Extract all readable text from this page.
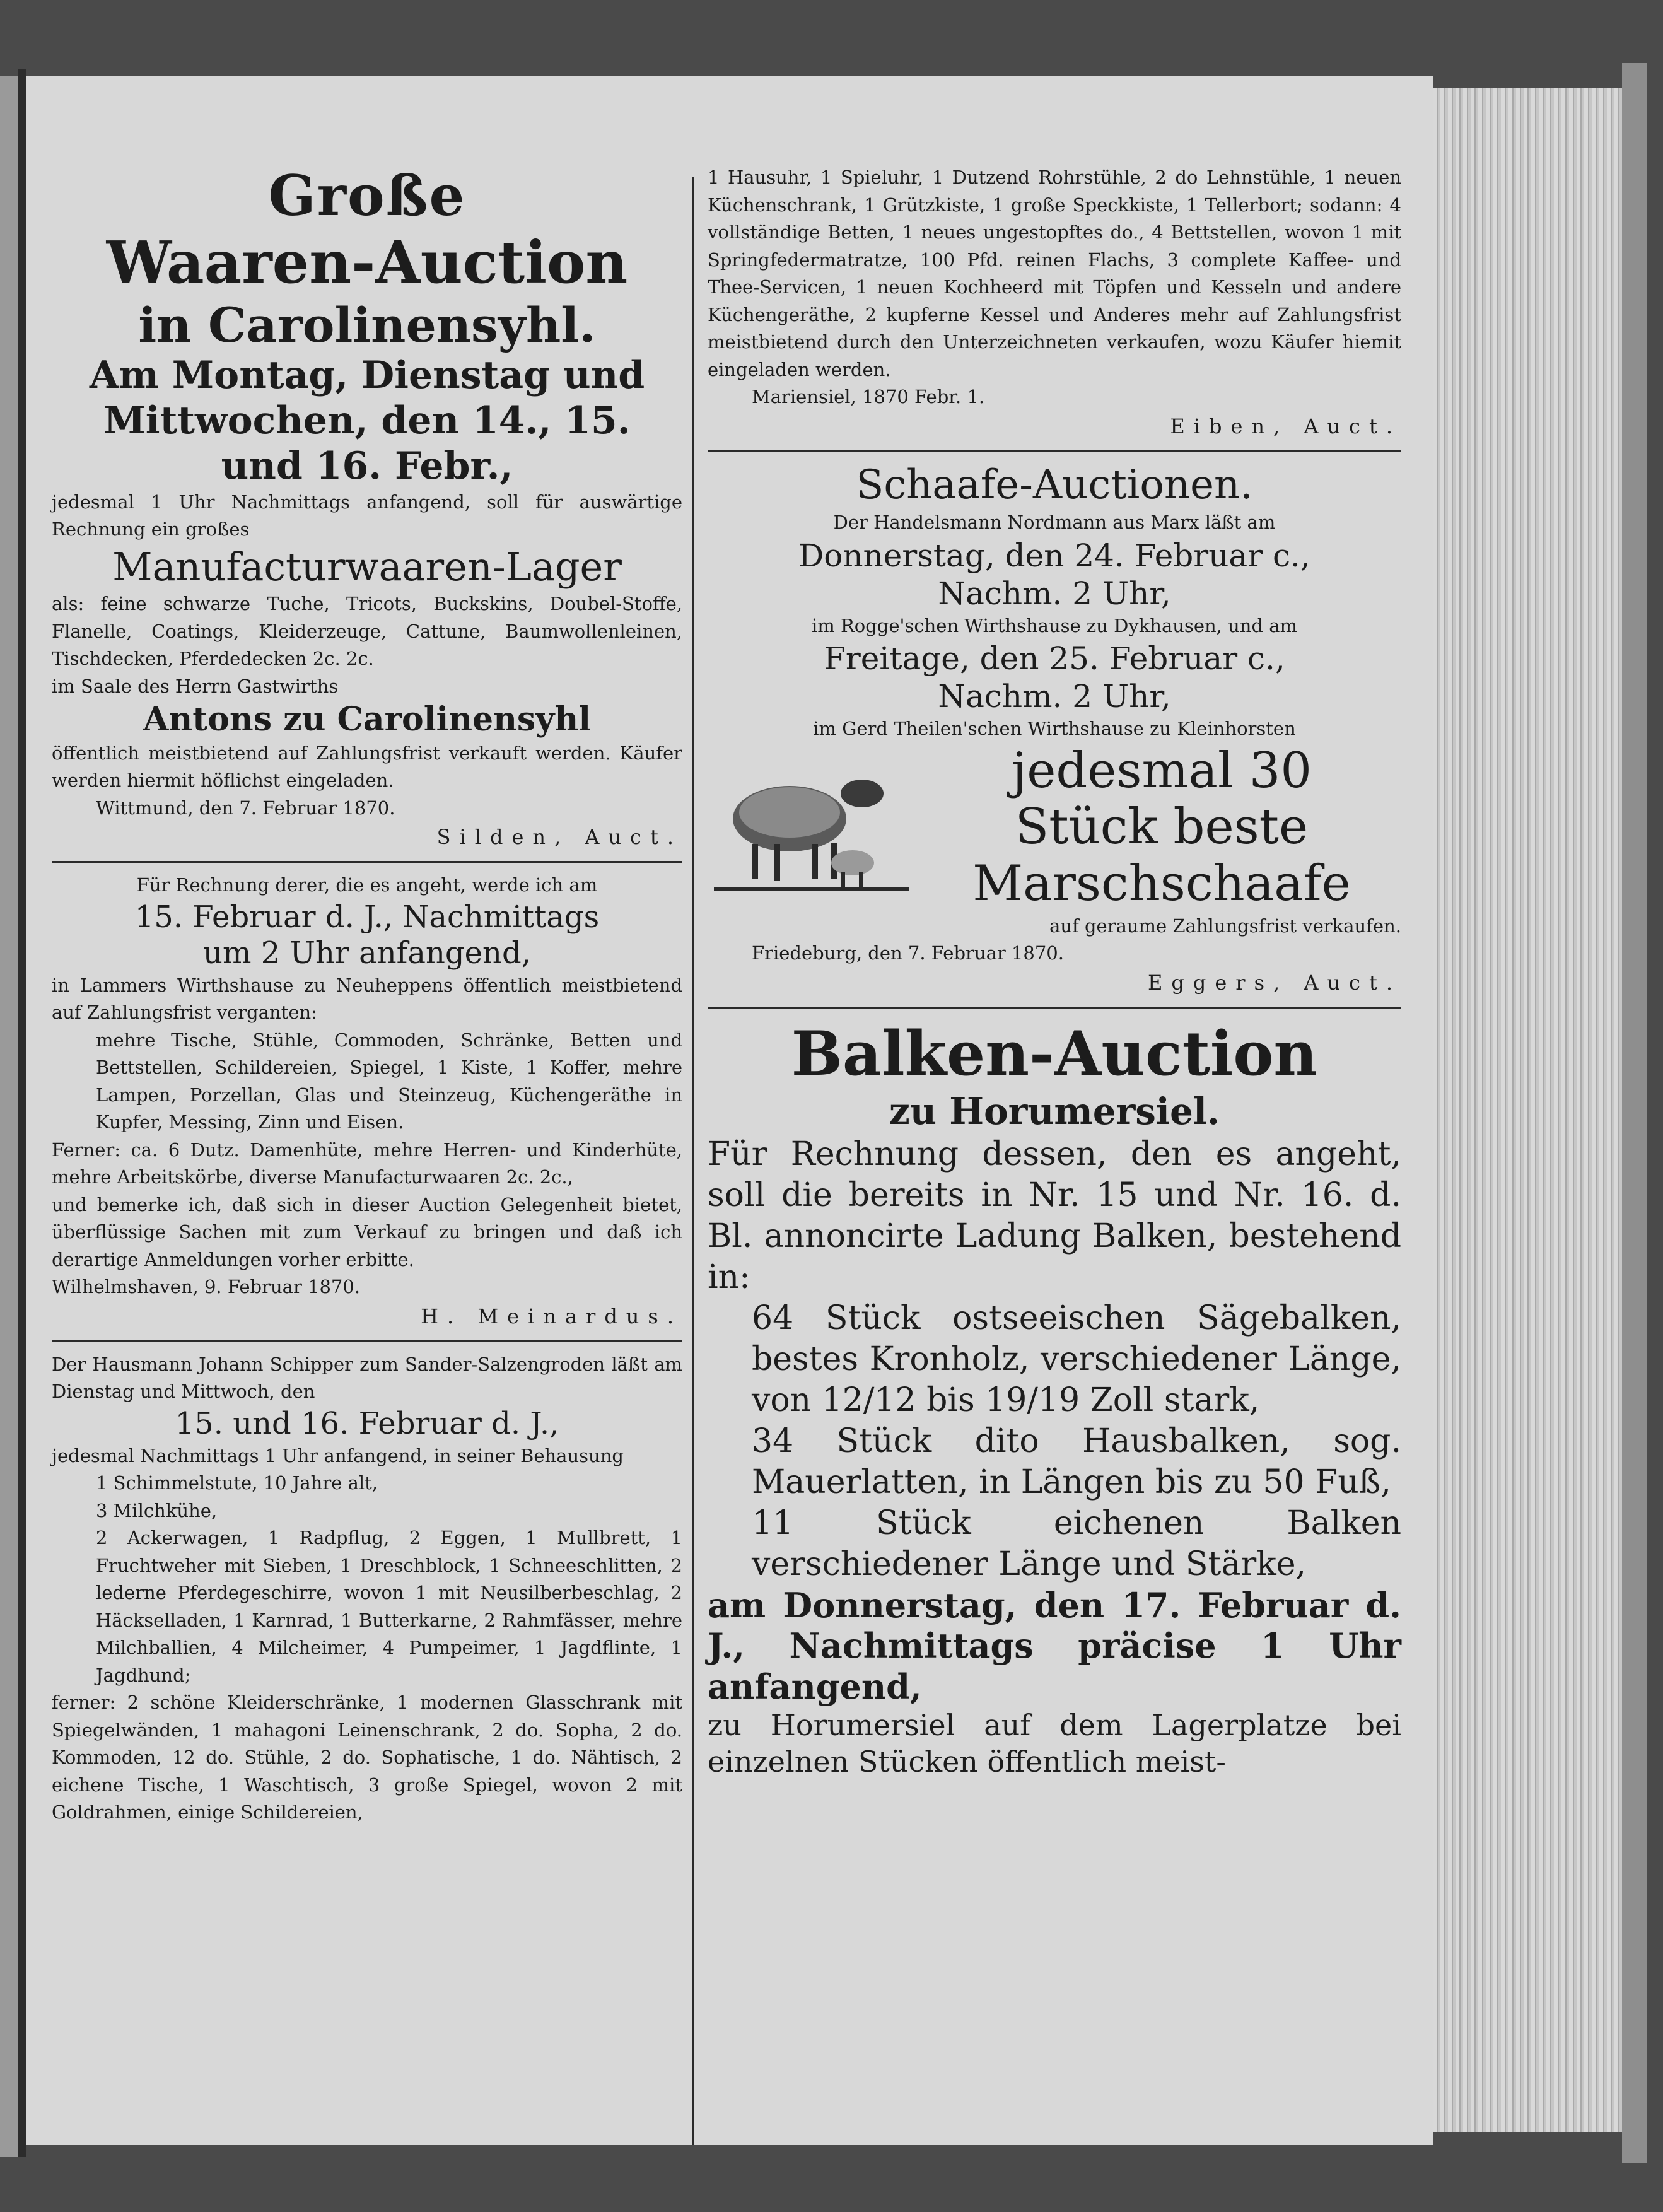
Große

Waaren-Auction

in Carolinensyhl.

Am Montag, Dienstag und

Mittwochen, den 14., 15.

und 16. Febr.,

jedesmal 1 Uhr Nachmittags anfangend, soll für auswärtige Rechnung ein großes

Manufacturwaaren-Lager

als: feine schwarze Tuche, Tricots, Buckskins, Doubel-Stoffe, Flanelle, Coatings, Kleiderzeuge, Cattune, Baumwollenleinen, Tischdecken, Pferdedecken 2c. 2c.

im Saale des Herrn Gastwirths

Antons zu Carolinensyhl

öffentlich meistbietend auf Zahlungsfrist verkauft werden. Käufer werden hiermit höflichst eingeladen.

Wittmund, den 7. Februar 1870.

Silden, Auct.

Für Rechnung derer, die es angeht, werde ich am

15. Februar d. J., Nachmittags

um 2 Uhr anfangend,

in Lammers Wirthshause zu Neuheppens öffentlich meistbietend auf Zahlungsfrist verganten:

mehre Tische, Stühle, Commoden, Schränke, Betten und Bettstellen, Schildereien, Spiegel, 1 Kiste, 1 Koffer, mehre Lampen, Porzellan, Glas und Steinzeug, Küchengeräthe in Kupfer, Messing, Zinn und Eisen.

Ferner: ca. 6 Dutz. Damenhüte, mehre Herren- und Kinderhüte, mehre Arbeitskörbe, diverse Manufacturwaaren 2c. 2c.,

und bemerke ich, daß sich in dieser Auction Gelegenheit bietet, überflüssige Sachen mit zum Verkauf zu bringen und daß ich derartige Anmeldungen vorher erbitte.

Wilhelmshaven, 9. Februar 1870.

H. Meinardus.

Der Hausmann Johann Schipper zum Sander-Salzengroden läßt am Dienstag und Mittwoch, den

15. und 16. Februar d. J.,

jedesmal Nachmittags 1 Uhr anfangend, in seiner Behausung

1 Schimmelstute, 10 Jahre alt,

3 Milchkühe,

2 Ackerwagen, 1 Radpflug, 2 Eggen, 1 Mullbrett, 1 Fruchtweher mit Sieben, 1 Dreschblock, 1 Schneeschlitten, 2 lederne Pferdegeschirre, wovon 1 mit Neusilberbeschlag, 2 Häckselladen, 1 Karnrad, 1 Butterkarne, 2 Rahmfässer, mehre Milchballien, 4 Milcheimer, 4 Pumpeimer, 1 Jagdflinte, 1 Jagdhund;

ferner: 2 schöne Kleiderschränke, 1 modernen Glasschrank mit Spiegelwänden, 1 mahagoni Leinenschrank, 2 do. Sopha, 2 do. Kommoden, 12 do. Stühle, 2 do. Sophatische, 1 do. Nähtisch, 2 eichene Tische, 1 Waschtisch, 3 große Spiegel, wovon 2 mit Goldrahmen, einige Schildereien,

1 Hausuhr, 1 Spieluhr, 1 Dutzend Rohrstühle, 2 do Lehnstühle, 1 neuen Küchenschrank, 1 Grützkiste, 1 große Speckkiste, 1 Tellerbort; sodann: 4 vollständige Betten, 1 neues ungestopftes do., 4 Bettstellen, wovon 1 mit Springfedermatratze, 100 Pfd. reinen Flachs, 3 complete Kaffee- und Thee-Servicen, 1 neuen Kochheerd mit Töpfen und Kesseln und andere Küchengeräthe, 2 kupferne Kessel und Anderes mehr auf Zahlungsfrist meistbietend durch den Unterzeichneten verkaufen, wozu Käufer hiemit eingeladen werden.

Mariensiel, 1870 Febr. 1.

Eiben, Auct.

Schaafe-Auctionen.

Der Handelsmann Nordmann aus Marx läßt am

Donnerstag, den 24. Februar c.,

Nachm. 2 Uhr,

im Rogge'schen Wirthshause zu Dykhausen, und am

Freitage, den 25. Februar c.,

Nachm. 2 Uhr,

im Gerd Theilen'schen Wirthshause zu Kleinhorsten

jedesmal 30

Stück beste

Marschschaafe

auf geraume Zahlungsfrist verkaufen.

Friedeburg, den 7. Februar 1870.

Eggers, Auct.

Balken-Auction

zu Horumersiel.

Für Rechnung dessen, den es angeht, soll die bereits in Nr. 15 und Nr. 16. d. Bl. annoncirte Ladung Balken, bestehend in:

64 Stück ostseeischen Sägebalken, bestes Kronholz, verschiedener Länge, von 12/12 bis 19/19 Zoll stark,

34 Stück dito Hausbalken, sog. Mauerlatten, in Längen bis zu 50 Fuß,

11 Stück eichenen Balken verschiedener Länge und Stärke,

am Donnerstag, den 17. Februar d. J., Nachmittags präcise 1 Uhr anfangend,

zu Horumersiel auf dem Lagerplatze bei einzelnen Stücken öffentlich meist-
